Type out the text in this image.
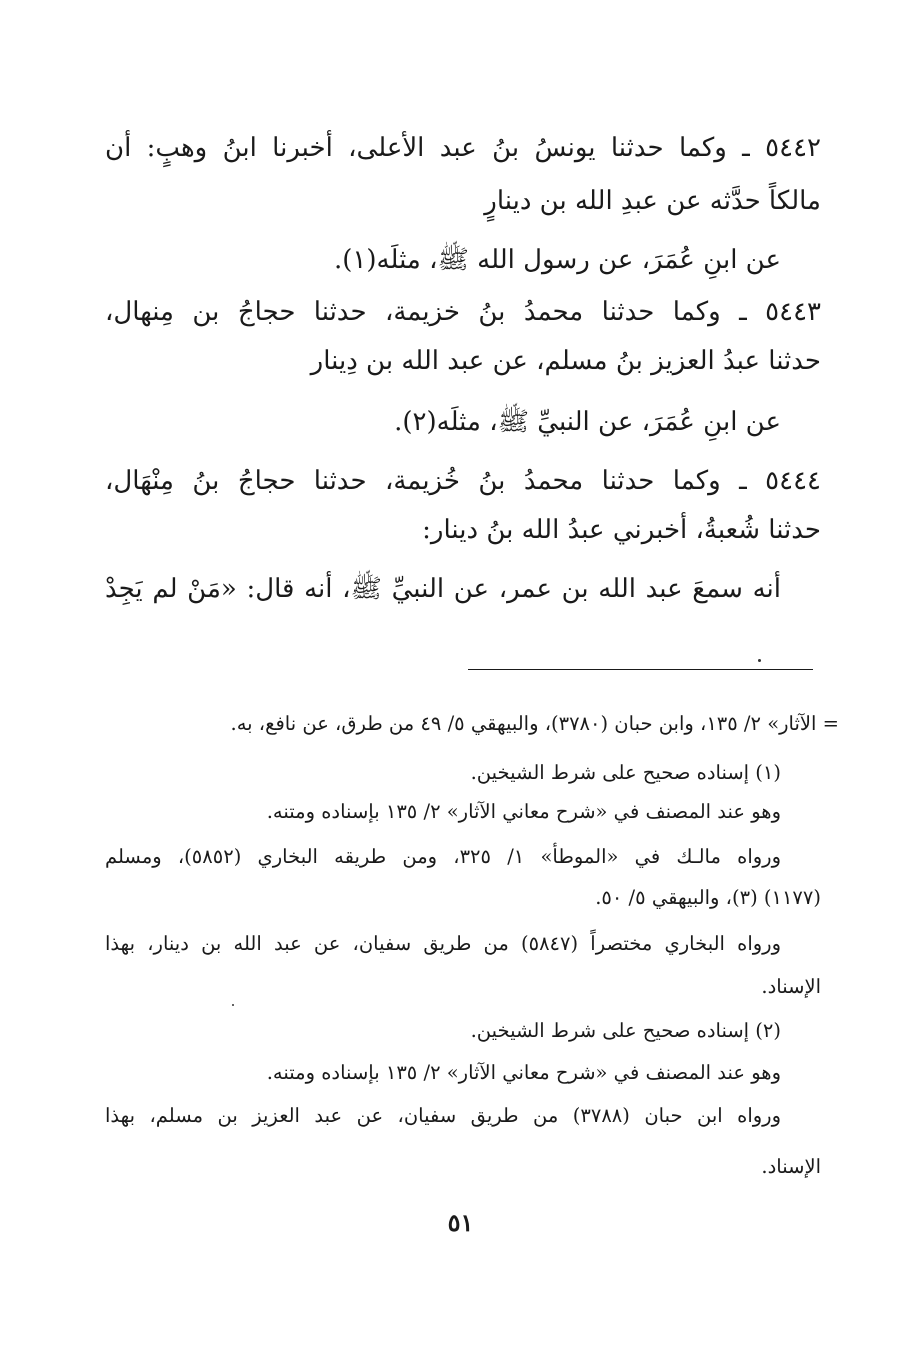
٥٤٤٢ ـ وكما حدثنا يونسُ بنُ عبد الأعلى، أخبرنا ابنُ وهبٍ: أن

مالكاً حدَّثه عن عبدِ الله بن دينارٍ

عن ابنِ عُمَرَ، عن رسول الله ﷺ، مثلَه(١).

٥٤٤٣ ـ وكما حدثنا محمدُ بنُ خزيمة، حدثنا حجاجُ بن مِنهال،

حدثنا عبدُ العزيز بنُ مسلم، عن عبد الله بن دِينار

عن ابنِ عُمَرَ، عن النبيِّ ﷺ، مثلَه(٢).

٥٤٤٤ ـ وكما حدثنا محمدُ بنُ خُزيمة، حدثنا حجاجُ بنُ مِنْهَال،

حدثنا شُعبةُ، أخبرني عبدُ الله بنُ دينار:

أنه سمعَ عبد الله بن عمر، عن النبيِّ ﷺ، أنه قال: «مَنْ لم يَجِدْ

= الآثار» ٢/ ١٣٥، وابن حبان (٣٧٨٠)، والبيهقي ٥/ ٤٩ من طرق، عن نافع، به.

(١) إسناده صحيح على شرط الشيخين.

وهو عند المصنف في «شرح معاني الآثار» ٢/ ١٣٥ بإسناده ومتنه.

ورواه مالـك في «الموطأ» ١/ ٣٢٥، ومن طريقه البخاري (٥٨٥٢)، ومسلم

(١١٧٧) (٣)، والبيهقي ٥/ ٥٠.

ورواه البخاري مختصراً (٥٨٤٧) من طريق سفيان، عن عبد الله بن دينار، بهذا

الإسناد.

(٢) إسناده صحيح على شرط الشيخين.

وهو عند المصنف في «شرح معاني الآثار» ٢/ ١٣٥ بإسناده ومتنه.

ورواه ابن حبان (٣٧٨٨) من طريق سفيان، عن عبد العزيز بن مسلم، بهذا

الإسناد.

٥١
